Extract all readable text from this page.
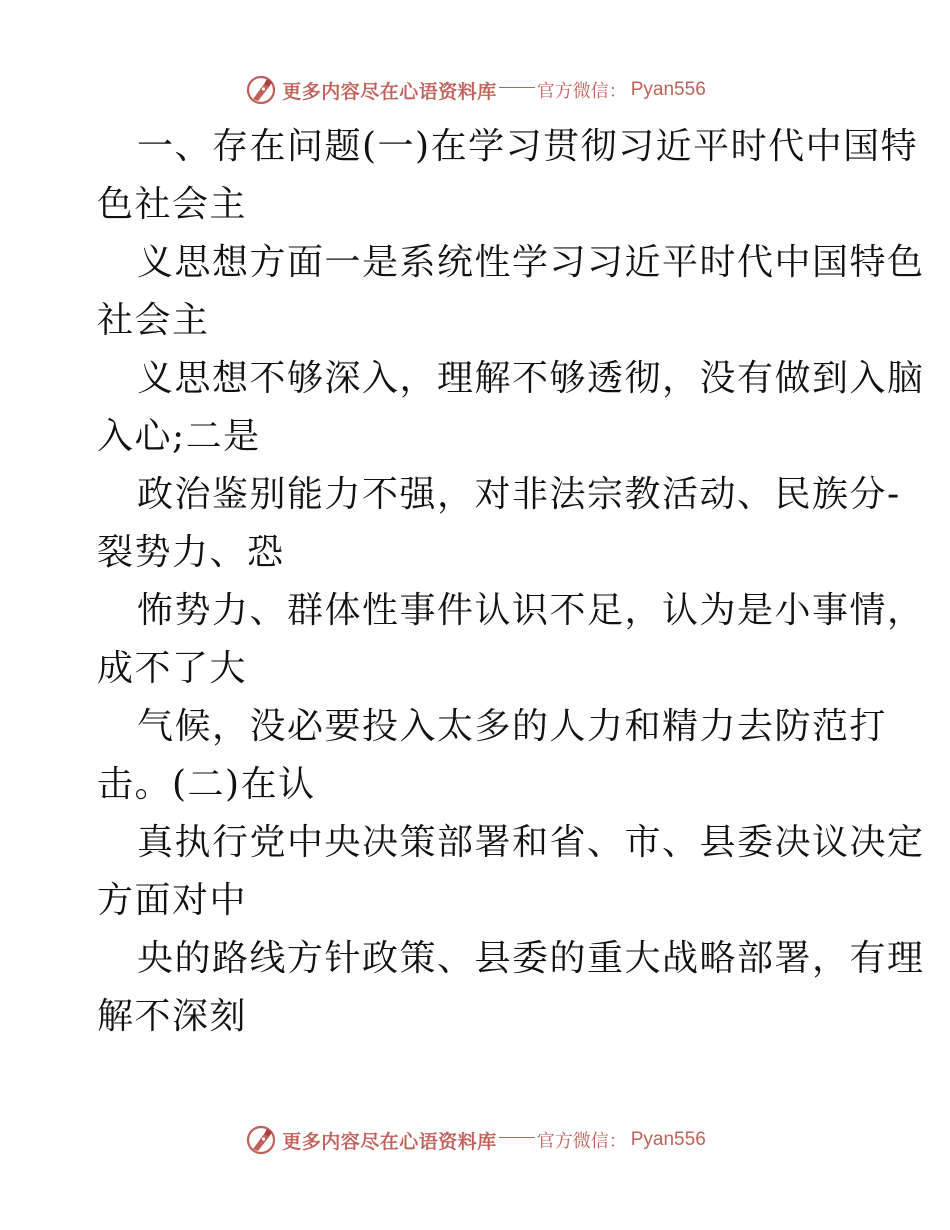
更多内容尽在心语资料库 官方微信： Pyan556
一、存在问题(一)在学习贯彻习近平时代中国特
色社会主
义思想方面一是系统性学习习近平时代中国特色
社会主
义思想不够深入，理解不够透彻，没有做到入脑
入心;二是
政治鉴别能力不强，对非法宗教活动、民族分-
裂势力、恐
怖势力、群体性事件认识不足，认为是小事情，
成不了大
气候，没必要投入太多的人力和精力去防范打
击。(二)在认
真执行党中央决策部署和省、市、县委决议决定
方面对中
央的路线方针政策、县委的重大战略部署，有理
解不深刻
更多内容尽在心语资料库 官方微信： Pyan556
